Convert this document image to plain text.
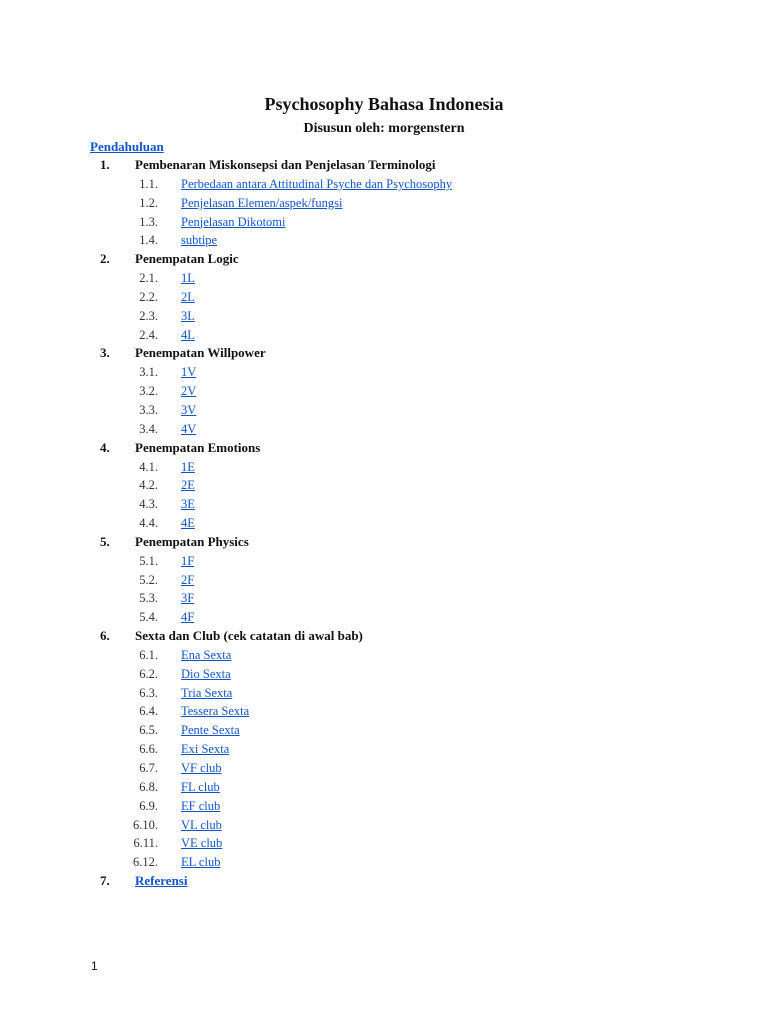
Psychosophy Bahasa Indonesia
Disusun oleh: morgenstern
Pendahuluan
1.	Pembenaran Miskonsepsi dan Penjelasan Terminologi
1.1. Perbedaan antara Attitudinal Psyche dan Psychosophy
1.2. Penjelasan Elemen/aspek/fungsi
1.3. Penjelasan Dikotomi
1.4. subtipe
2.	Penempatan Logic
2.1. 1L
2.2. 2L
2.3. 3L
2.4. 4L
3.	Penempatan Willpower
3.1. 1V
3.2. 2V
3.3. 3V
3.4. 4V
4.	Penempatan Emotions
4.1. 1E
4.2. 2E
4.3. 3E
4.4. 4E
5.	Penempatan Physics
5.1. 1F
5.2. 2F
5.3. 3F
5.4. 4F
6.	Sexta dan Club (cek catatan di awal bab)
6.1. Ena Sexta
6.2. Dio Sexta
6.3. Tria Sexta
6.4. Tessera Sexta
6.5. Pente Sexta
6.6. Exi Sexta
6.7. VF club
6.8. FL club
6.9. EF club
6.10. VL club
6.11. VE club
6.12. EL club
7.	Referensi
1
